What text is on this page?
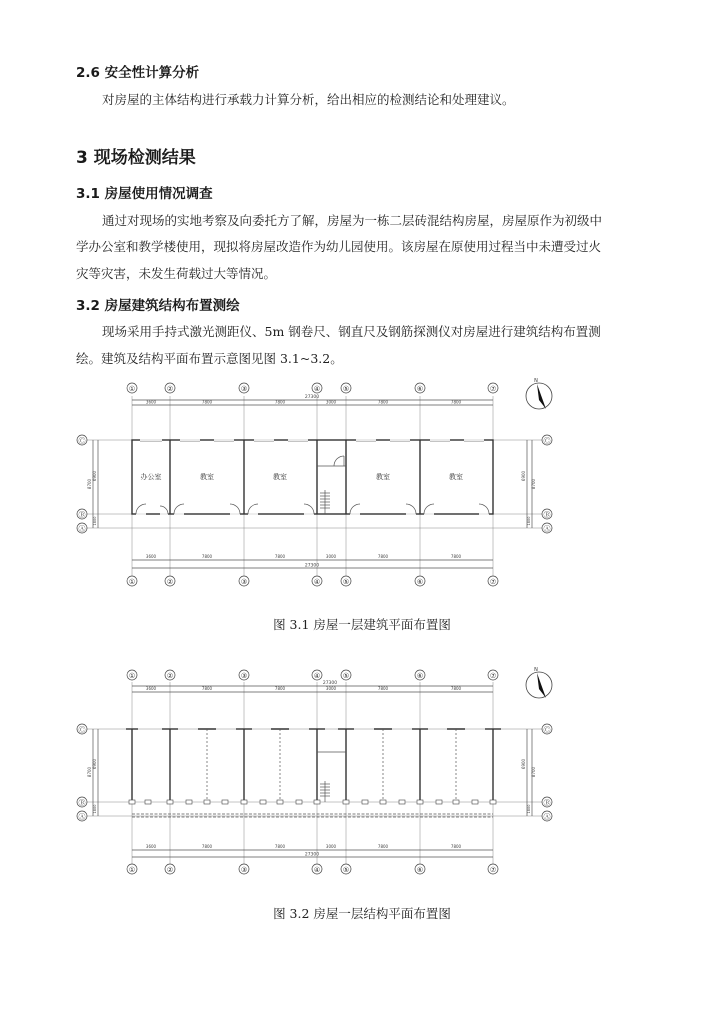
2.6 安全性计算分析
对房屋的主体结构进行承载力计算分析，给出相应的检测结论和处理建议。
3 现场检测结果
3.1 房屋使用情况调查
通过对现场的实地考察及向委托方了解，房屋为一栋二层砖混结构房屋，房屋原作为初级中
学办公室和教学楼使用，现拟将房屋改造作为幼儿园使用。该房屋在原使用过程当中未遭受过火
灾等灾害，未发生荷载过大等情况。
3.2 房屋建筑结构布置测绘
现场采用手持式激光测距仪、5m 钢卷尺、钢直尺及钢筋探测仪对房屋进行建筑结构布置测
绘。建筑及结构平面布置示意图见图 3.1~3.2。
27300
3600	7800	7800	3000	7800	7800
①	②	③	④	⑤	⑥	⑦
Ⓒ
Ⓑ
Ⓐ
Ⓒ
Ⓑ
Ⓐ
8700
6900
1800
6900
8700
1800
办公室	教室	教室	教室	教室
3600	7800	7800	3000	7800	7800
27300
①	②	③	④	⑤	⑥	⑦
N
图 3.1 房屋一层建筑平面布置图
27300
3600	7800	7800	3000	7800	7800
①	②	③	④	⑤	⑥	⑦
Ⓒ
Ⓑ
Ⓐ
Ⓒ
Ⓑ
Ⓐ
8700
6900
1800
6900
8700
1800
3600	7800	7800	3000	7800	7800
27300
①	②	③	④	⑤	⑥	⑦
N
图 3.2 房屋一层结构平面布置图
